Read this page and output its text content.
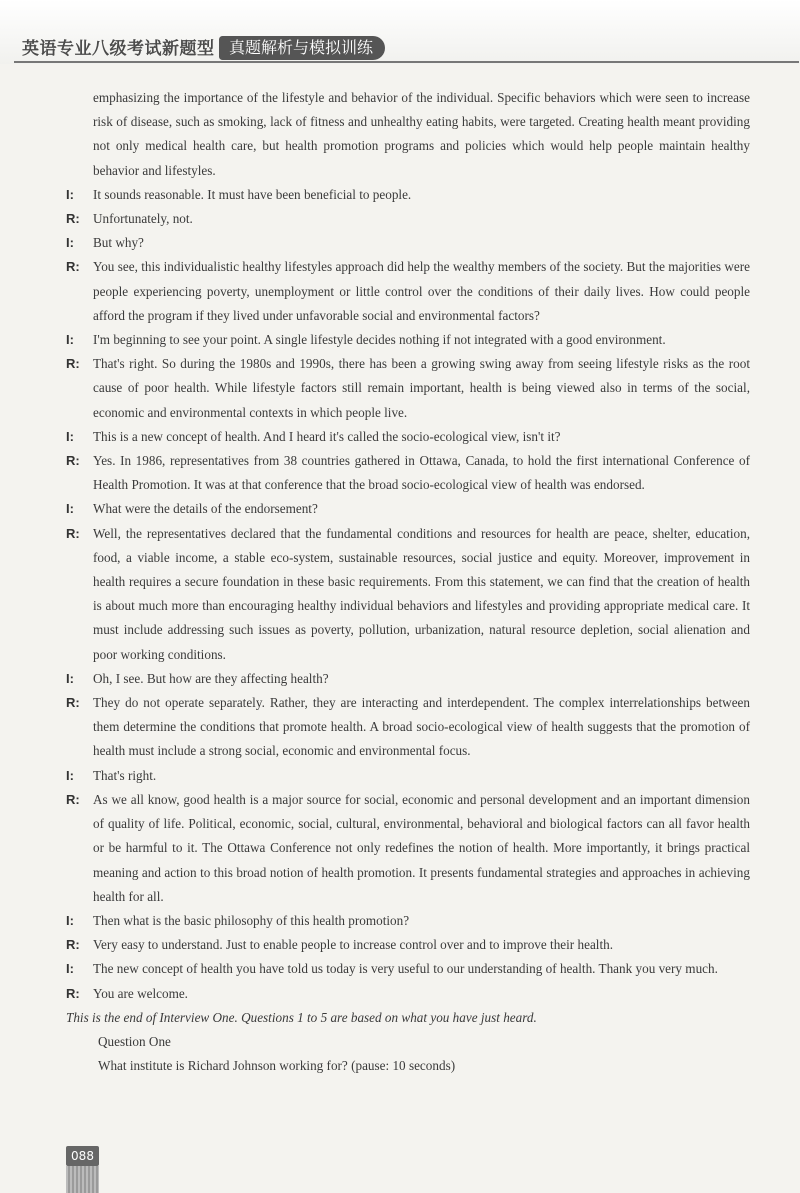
英语专业八级考试新题型 真题解析与模拟训练

emphasizing the importance of the lifestyle and behavior of the individual. Specific behaviors which were seen to increase risk of disease, such as smoking, lack of fitness and unhealthy eating habits, were targeted. Creating health meant providing not only medical health care, but health promotion programs and policies which would help people maintain healthy behavior and lifestyles.

I: It sounds reasonable. It must have been beneficial to people.

R: Unfortunately, not.

I: But why?

R: You see, this individualistic healthy lifestyles approach did help the wealthy members of the society. But the majorities were people experiencing poverty, unemployment or little control over the conditions of their daily lives. How could people afford the program if they lived under unfavorable social and environmental factors?

I: I'm beginning to see your point. A single lifestyle decides nothing if not integrated with a good environment.

R: That's right. So during the 1980s and 1990s, there has been a growing swing away from seeing lifestyle risks as the root cause of poor health. While lifestyle factors still remain important, health is being viewed also in terms of the social, economic and environmental contexts in which people live.

I: This is a new concept of health. And I heard it's called the socio-ecological view, isn't it?

R: Yes. In 1986, representatives from 38 countries gathered in Ottawa, Canada, to hold the first international Conference of Health Promotion. It was at that conference that the broad socio-ecological view of health was endorsed.

I: What were the details of the endorsement?

R: Well, the representatives declared that the fundamental conditions and resources for health are peace, shelter, education, food, a viable income, a stable eco-system, sustainable resources, social justice and equity. Moreover, improvement in health requires a secure foundation in these basic requirements. From this statement, we can find that the creation of health is about much more than encouraging healthy individual behaviors and lifestyles and providing appropriate medical care. It must include addressing such issues as poverty, pollution, urbanization, natural resource depletion, social alienation and poor working conditions.

I: Oh, I see. But how are they affecting health?

R: They do not operate separately. Rather, they are interacting and interdependent. The complex interrelationships between them determine the conditions that promote health. A broad socio-ecological view of health suggests that the promotion of health must include a strong social, economic and environmental focus.

I: That's right.

R: As we all know, good health is a major source for social, economic and personal development and an important dimension of quality of life. Political, economic, social, cultural, environmental, behavioral and biological factors can all favor health or be harmful to it. The Ottawa Conference not only redefines the notion of health. More importantly, it brings practical meaning and action to this broad notion of health promotion. It presents fundamental strategies and approaches in achieving health for all.

I: Then what is the basic philosophy of this health promotion?

R: Very easy to understand. Just to enable people to increase control over and to improve their health.

I: The new concept of health you have told us today is very useful to our understanding of health. Thank you very much.

R: You are welcome.

This is the end of Interview One. Questions 1 to 5 are based on what you have just heard.

Question One

What institute is Richard Johnson working for? (pause: 10 seconds)

088
